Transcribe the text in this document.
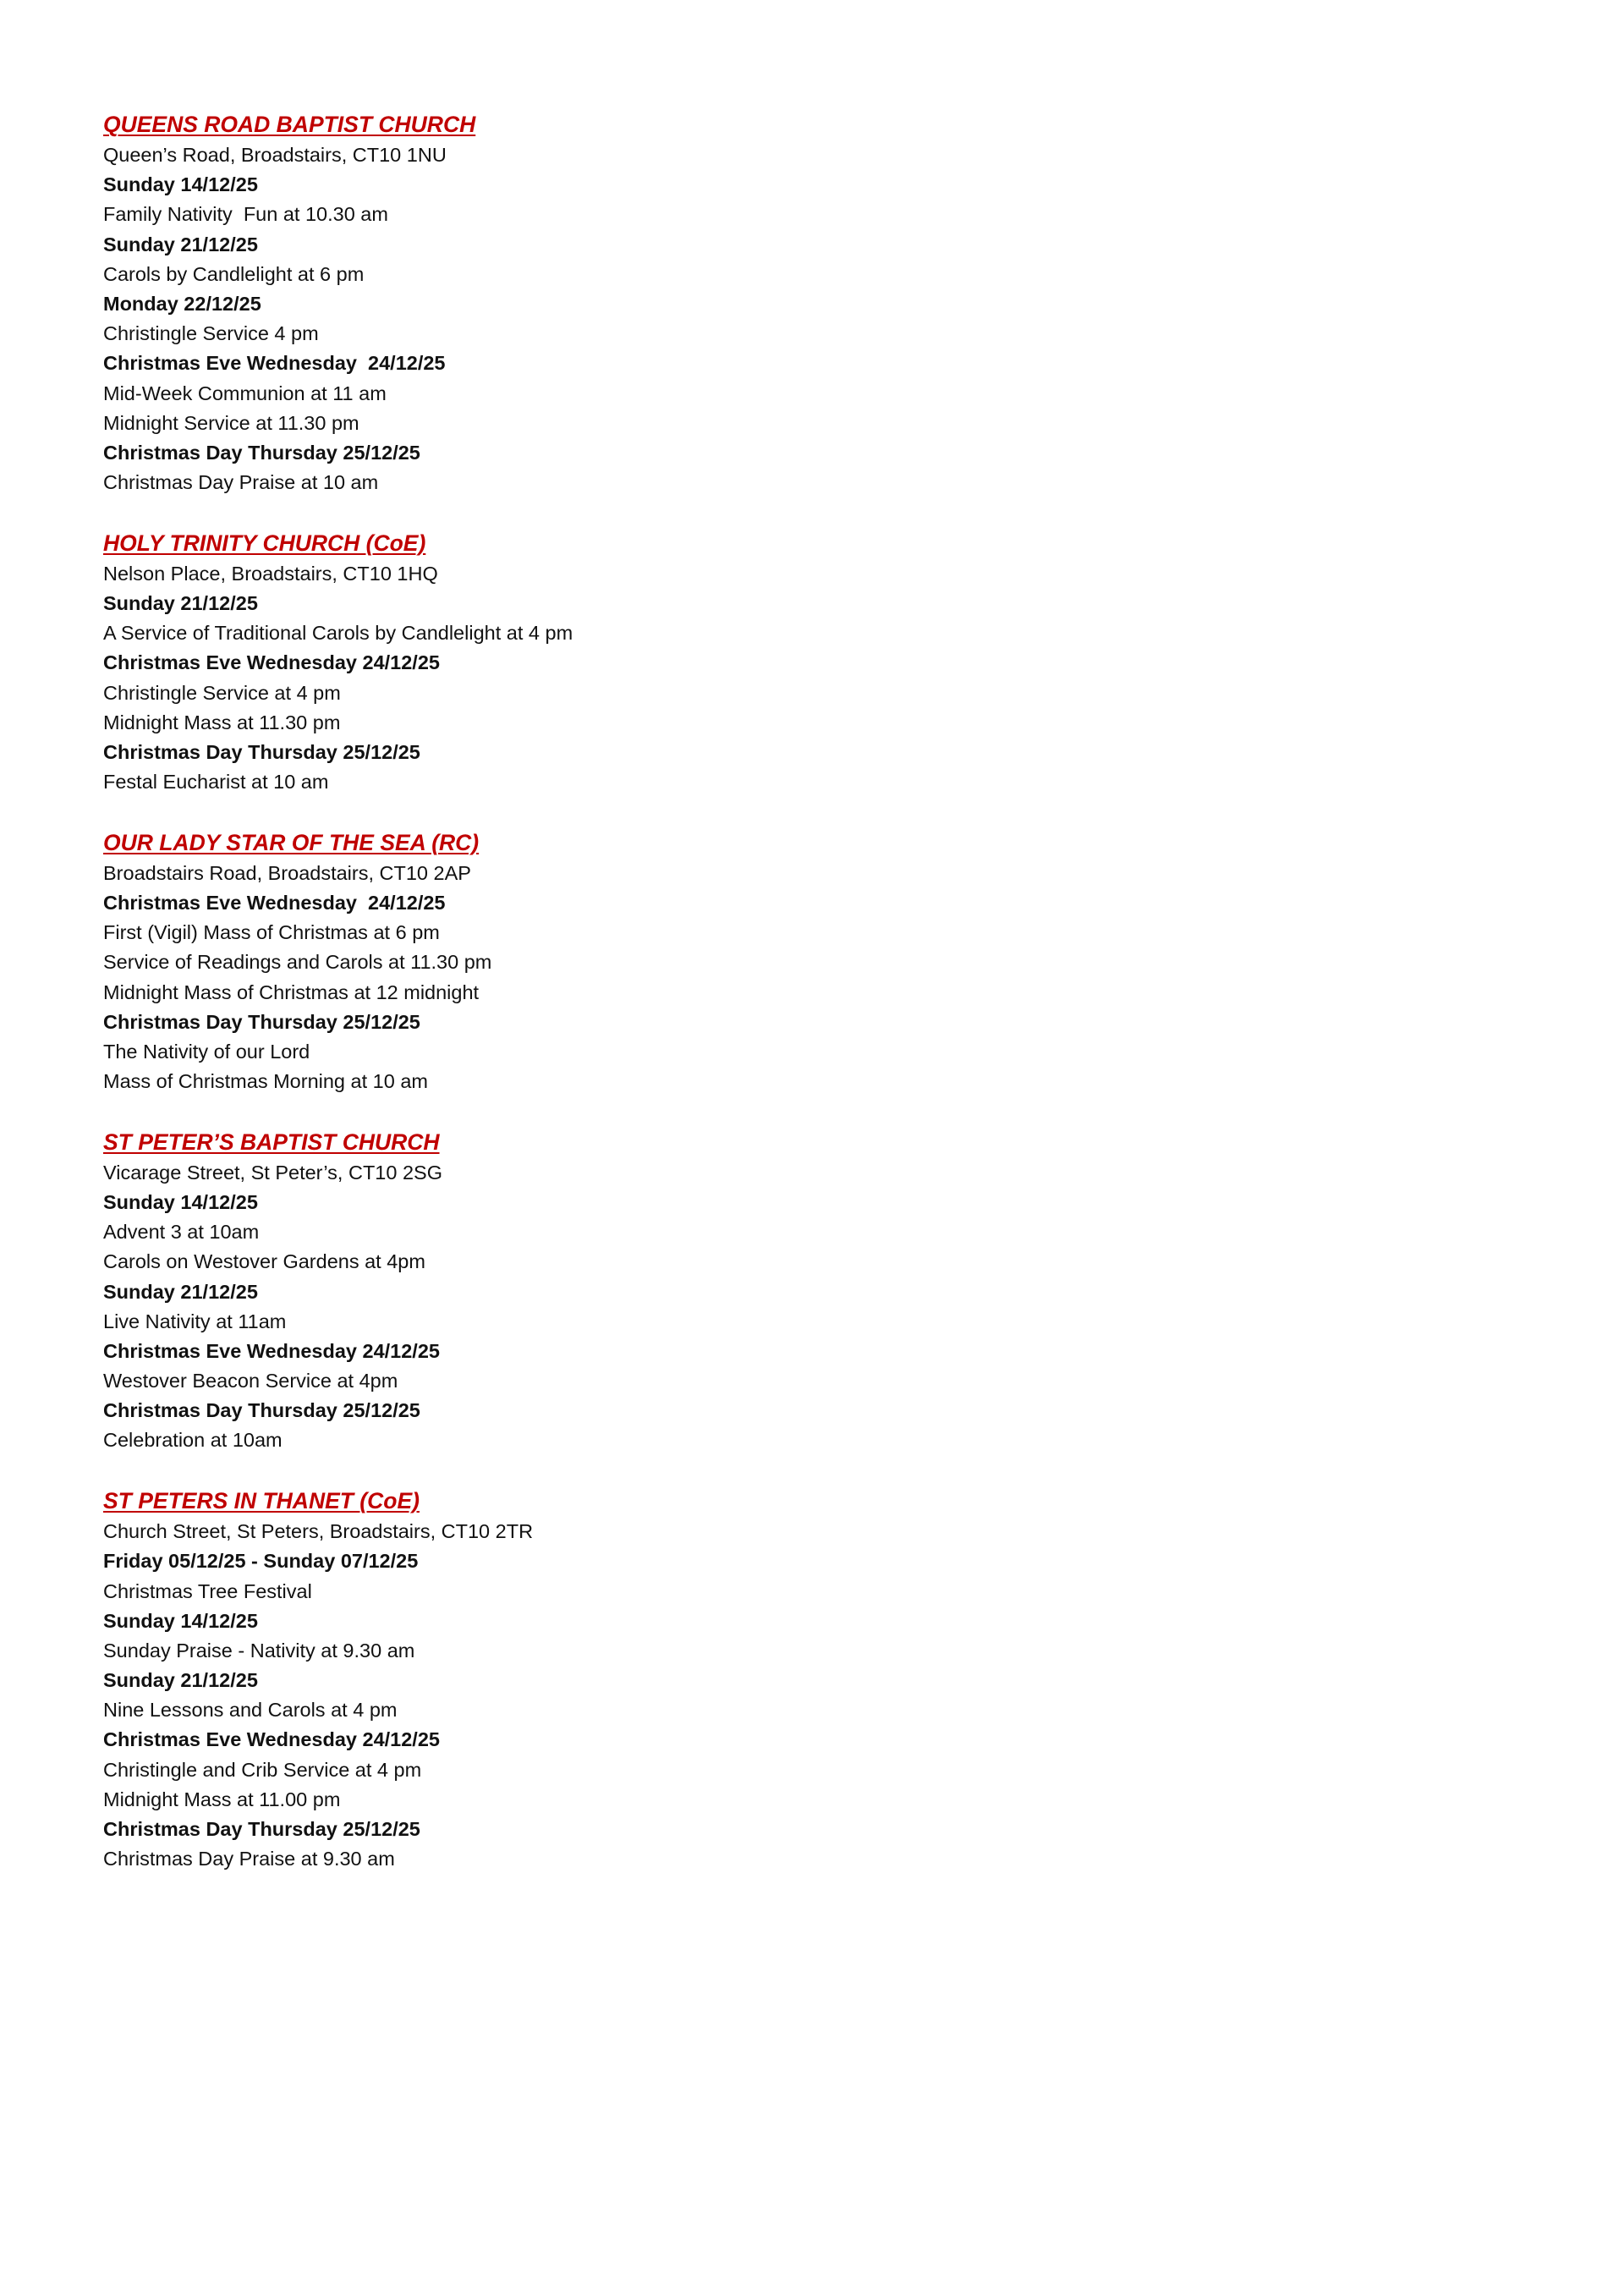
QUEENS ROAD BAPTIST CHURCH
Queen’s Road, Broadstairs, CT10 1NU
Sunday 14/12/25
Family Nativity  Fun at 10.30 am
Sunday 21/12/25
Carols by Candlelight at 6 pm
Monday 22/12/25
Christingle Service 4 pm
Christmas Eve Wednesday  24/12/25
Mid-Week Communion at 11 am
Midnight Service at 11.30 pm
Christmas Day Thursday 25/12/25
Christmas Day Praise at 10 am
HOLY TRINITY CHURCH (CoE)
Nelson Place, Broadstairs, CT10 1HQ
Sunday 21/12/25
A Service of Traditional Carols by Candlelight at 4 pm
Christmas Eve Wednesday 24/12/25
Christingle Service at 4 pm
Midnight Mass at 11.30 pm
Christmas Day Thursday 25/12/25
Festal Eucharist at 10 am
OUR LADY STAR OF THE SEA (RC)
Broadstairs Road, Broadstairs, CT10 2AP
Christmas Eve Wednesday  24/12/25
First (Vigil) Mass of Christmas at 6 pm
Service of Readings and Carols at 11.30 pm
Midnight Mass of Christmas at 12 midnight
Christmas Day Thursday 25/12/25
The Nativity of our Lord
Mass of Christmas Morning at 10 am
ST PETER’S BAPTIST CHURCH
Vicarage Street, St Peter’s, CT10 2SG
Sunday 14/12/25
Advent 3 at 10am
Carols on Westover Gardens at 4pm
Sunday 21/12/25
Live Nativity at 11am
Christmas Eve Wednesday 24/12/25
Westover Beacon Service at 4pm
Christmas Day Thursday 25/12/25
Celebration at 10am
ST PETERS IN THANET (CoE)
Church Street, St Peters, Broadstairs, CT10 2TR
Friday 05/12/25 - Sunday 07/12/25
Christmas Tree Festival
Sunday 14/12/25
Sunday Praise - Nativity at 9.30 am
Sunday 21/12/25
Nine Lessons and Carols at 4 pm
Christmas Eve Wednesday 24/12/25
Christingle and Crib Service at 4 pm
Midnight Mass at 11.00 pm
Christmas Day Thursday 25/12/25
Christmas Day Praise at 9.30 am
